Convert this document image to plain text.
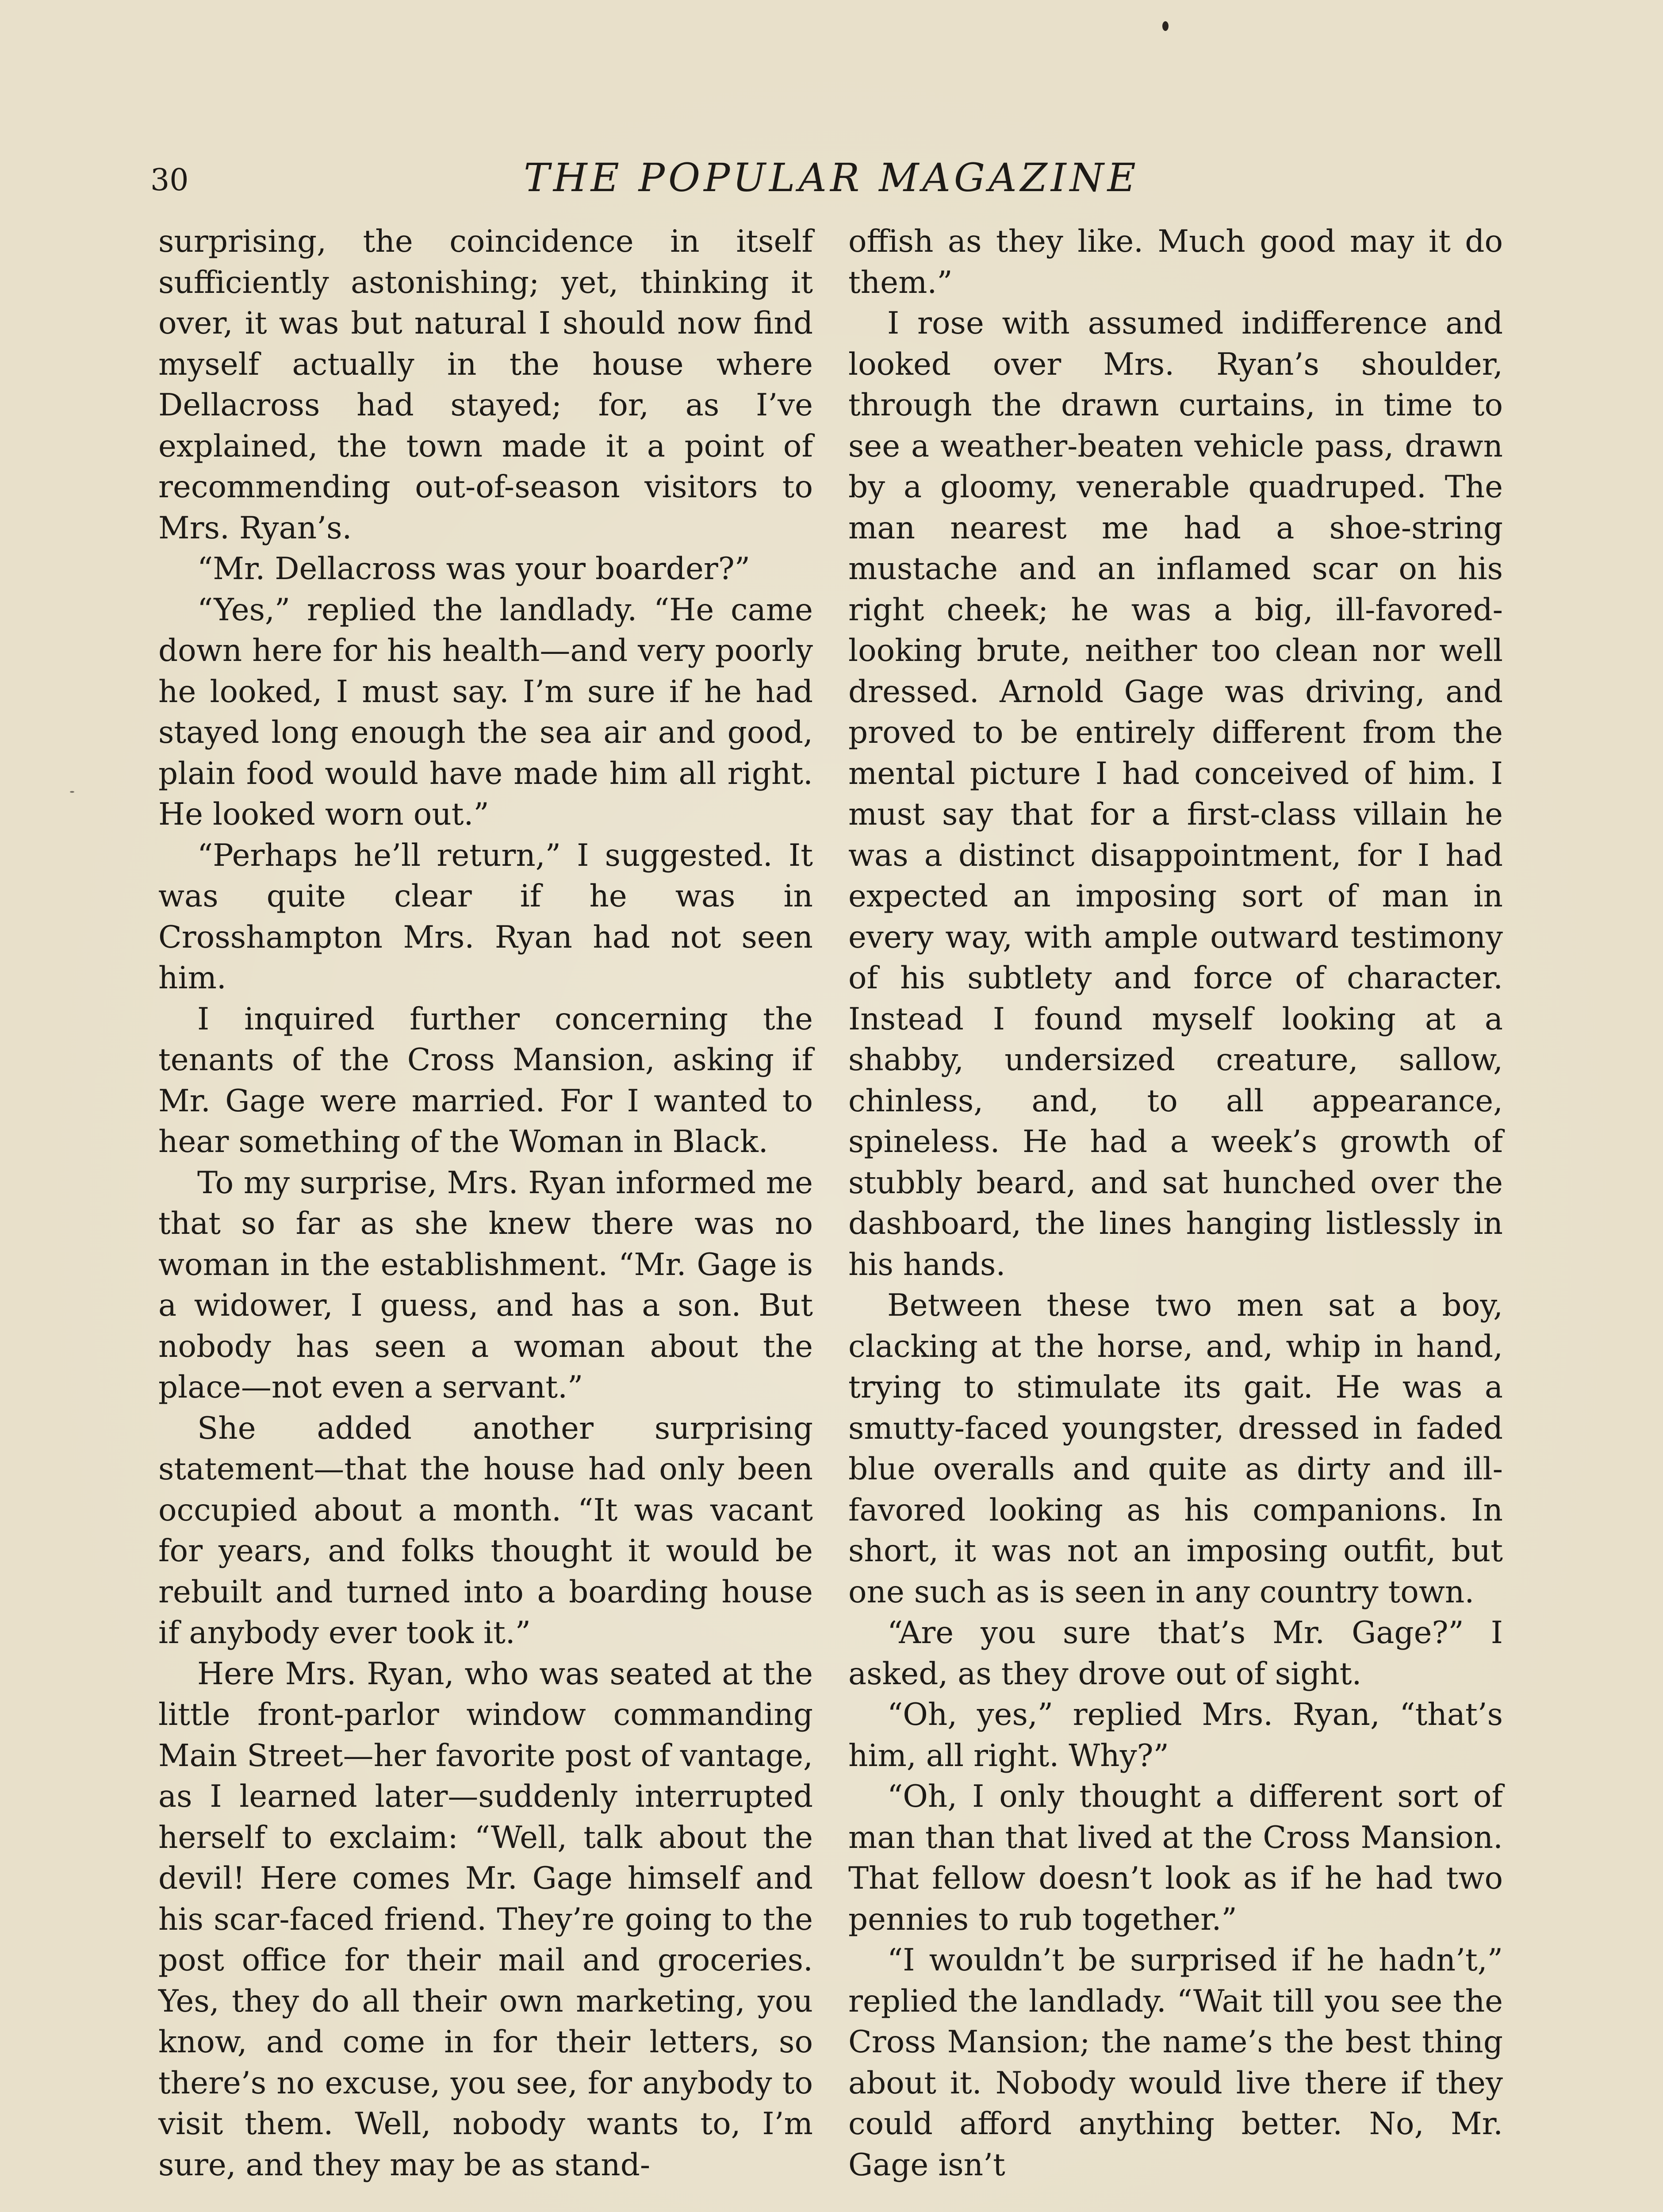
30	THE POPULAR MAGAZINE

surprising, the coincidence in itself sufficiently astonishing; yet, thinking it over, it was but natural I should now find myself actually in the house where Dellacross had stayed; for, as I’ve explained, the town made it a point of recommending out-of-season visitors to Mrs. Ryan’s.

“Mr. Dellacross was your boarder?”

“Yes,” replied the landlady. “He came down here for his health—and very poorly he looked, I must say. I’m sure if he had stayed long enough the sea air and good, plain food would have made him all right. He looked worn out.”

“Perhaps he’ll return,” I suggested. It was quite clear if he was in Crosshampton Mrs. Ryan had not seen him.

I inquired further concerning the tenants of the Cross Mansion, asking if Mr. Gage were married. For I wanted to hear something of the Woman in Black.

To my surprise, Mrs. Ryan informed me that so far as she knew there was no woman in the establishment. “Mr. Gage is a widower, I guess, and has a son. But nobody has seen a woman about the place—not even a servant.”

She added another surprising statement—that the house had only been occupied about a month. “It was vacant for years, and folks thought it would be rebuilt and turned into a boarding house if anybody ever took it.”

Here Mrs. Ryan, who was seated at the little front-parlor window commanding Main Street—her favorite post of vantage, as I learned later—suddenly interrupted herself to exclaim: “Well, talk about the devil! Here comes Mr. Gage himself and his scar-faced friend. They’re going to the post office for their mail and groceries. Yes, they do all their own marketing, you know, and come in for their letters, so there’s no excuse, you see, for anybody to visit them. Well, nobody wants to, I’m sure, and they may be as stand-

offish as they like. Much good may it do them.”

I rose with assumed indifference and looked over Mrs. Ryan’s shoulder, through the drawn curtains, in time to see a weather-beaten vehicle pass, drawn by a gloomy, venerable quadruped. The man nearest me had a shoe-string mustache and an inflamed scar on his right cheek; he was a big, ill-favored-looking brute, neither too clean nor well dressed. Arnold Gage was driving, and proved to be entirely different from the mental picture I had conceived of him. I must say that for a first-class villain he was a distinct disappointment, for I had expected an imposing sort of man in every way, with ample outward testimony of his subtlety and force of character. Instead I found myself looking at a shabby, undersized creature, sallow, chinless, and, to all appearance, spineless. He had a week’s growth of stubbly beard, and sat hunched over the dashboard, the lines hanging listlessly in his hands.

Between these two men sat a boy, clacking at the horse, and, whip in hand, trying to stimulate its gait. He was a smutty-faced youngster, dressed in faded blue overalls and quite as dirty and ill-favored looking as his companions. In short, it was not an imposing outfit, but one such as is seen in any country town.

“Are you sure that’s Mr. Gage?” I asked, as they drove out of sight.

“Oh, yes,” replied Mrs. Ryan, “that’s him, all right. Why?”

“Oh, I only thought a different sort of man than that lived at the Cross Mansion. That fellow doesn’t look as if he had two pennies to rub together.”

“I wouldn’t be surprised if he hadn’t,” replied the landlady. “Wait till you see the Cross Mansion; the name’s the best thing about it. Nobody would live there if they could afford anything better. No, Mr. Gage isn’t
